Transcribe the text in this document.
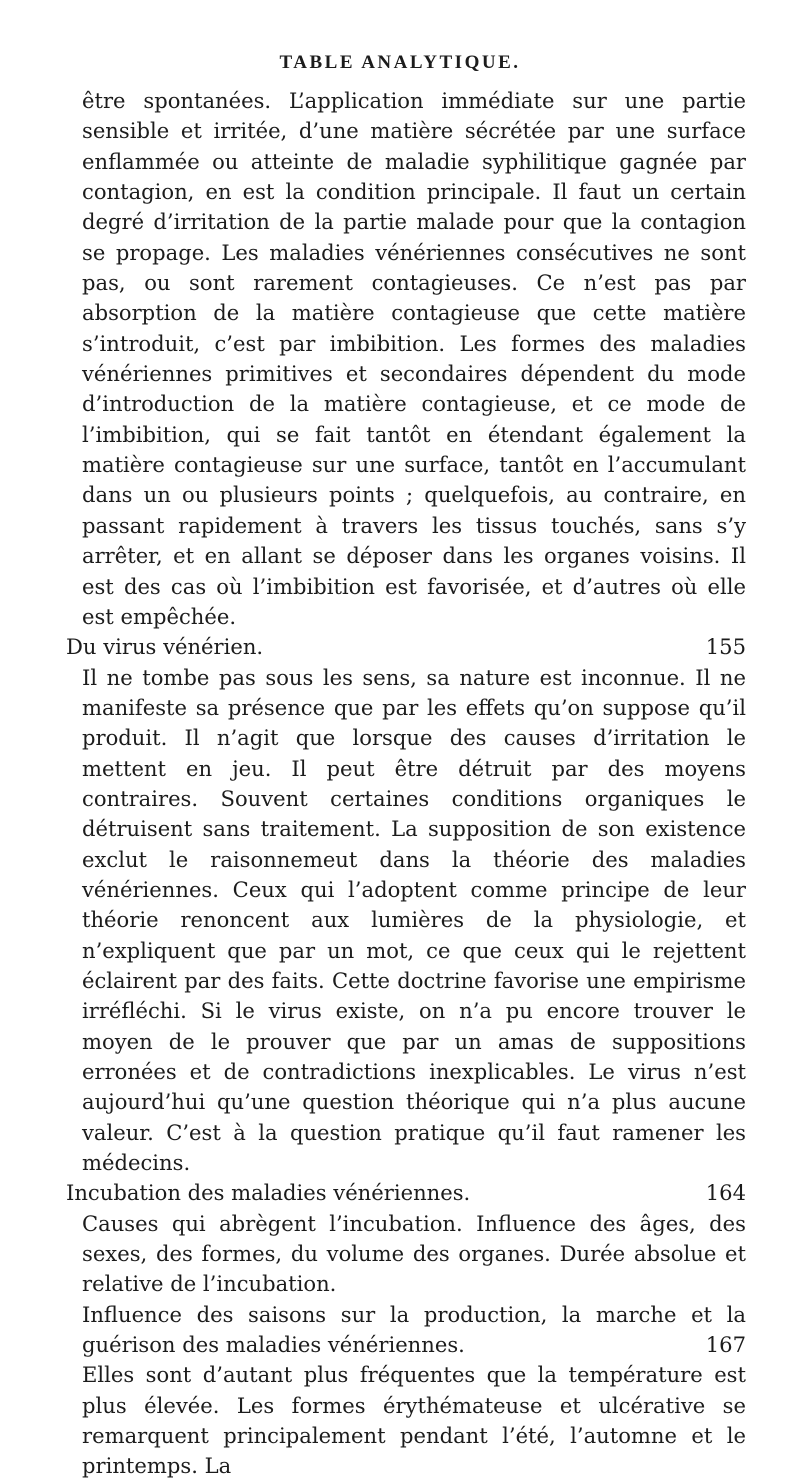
TABLE ANALYTIQUE.

être spontanées. L’application immédiate sur une partie sensible et irritée, d’une matière sécrétée par une surface enflammée ou atteinte de maladie syphilitique gagnée par contagion, en est la condition principale. Il faut un certain degré d’irritation de la partie malade pour que la contagion se propage. Les maladies vénériennes consécutives ne sont pas, ou sont rarement contagieuses. Ce n’est pas par absorption de la matière contagieuse que cette matière s’introduit, c’est par imbibition. Les formes des maladies vénériennes primitives et secondaires dépendent du mode d’introduction de la matière contagieuse, et ce mode de l’imbibition, qui se fait tantôt en étendant également la matière contagieuse sur une surface, tantôt en l’accumulant dans un ou plusieurs points ; quelquefois, au contraire, en passant rapidement à travers les tissus touchés, sans s’y arrêter, et en allant se déposer dans les organes voisins. Il est des cas où l’imbibition est favorisée, et d’autres où elle est empêchée.

Du virus vénérien.	155

Il ne tombe pas sous les sens, sa nature est inconnue. Il ne manifeste sa présence que par les effets qu’on suppose qu’il produit. Il n’agit que lorsque des causes d’irritation le mettent en jeu. Il peut être détruit par des moyens contraires. Souvent certaines conditions organiques le détruisent sans traitement. La supposition de son existence exclut le raisonnemeut dans la théorie des maladies vénériennes. Ceux qui l’adoptent comme principe de leur théorie renoncent aux lumières de la physiologie, et n’expliquent que par un mot, ce que ceux qui le rejettent éclairent par des faits. Cette doctrine favorise une empirisme irréfléchi. Si le virus existe, on n’a pu encore trouver le moyen de le prouver que par un amas de suppositions erronées et de contradictions inexplicables. Le virus n’est aujourd’hui qu’une question théorique qui n’a plus aucune valeur. C’est à la question pratique qu’il faut ramener les médecins.

Incubation des maladies vénériennes.	164

Causes qui abrègent l’incubation. Influence des âges, des sexes, des formes, du volume des organes. Durée absolue et relative de l’incubation.

Influence des saisons sur la production, la marche et la guérison des maladies vénériennes.	167

Elles sont d’autant plus fréquentes que la température est plus élevée. Les formes érythémateuse et ulcérative se remarquent principalement pendant l’été, l’automne et le printemps. La
